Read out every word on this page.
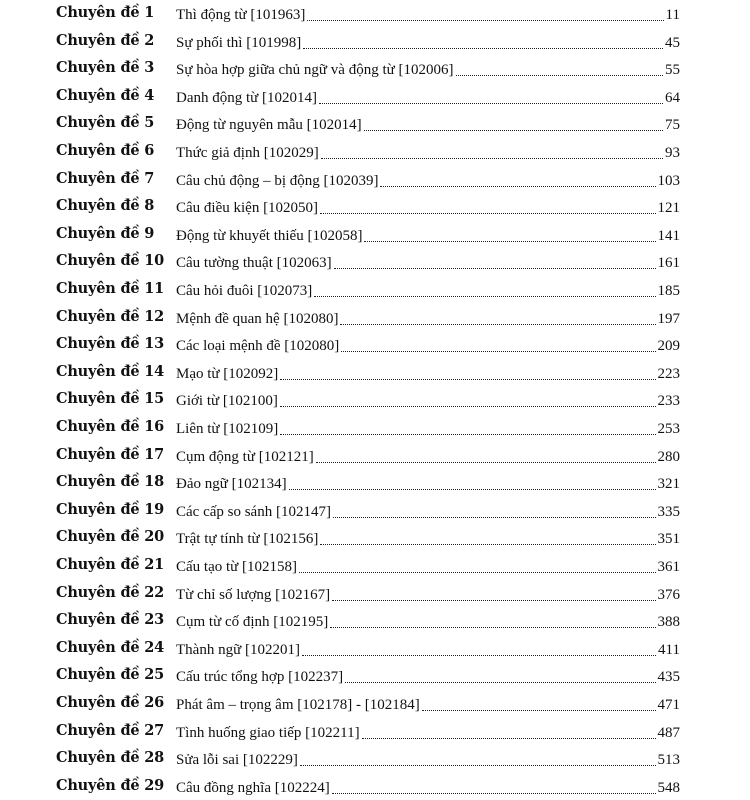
Chuyên đề 1 Thì động từ [101963]	11
Chuyên đề 2 Sự phối thì [101998]	45
Chuyên đề 3 Sự hòa hợp giữa chủ ngữ và động từ [102006]	55
Chuyên đề 4 Danh động từ [102014]	64
Chuyên đề 5 Động từ nguyên mẫu [102014]	75
Chuyên đề 6 Thức giả định [102029]	93
Chuyên đề 7 Câu chủ động – bị động [102039]	103
Chuyên đề 8 Câu điều kiện [102050]	121
Chuyên đề 9 Động từ khuyết thiếu [102058]	141
Chuyên đề 10 Câu tường thuật [102063]	161
Chuyên đề 11 Câu hỏi đuôi [102073]	185
Chuyên đề 12 Mệnh đề quan hệ [102080]	197
Chuyên đề 13 Các loại mệnh đề [102080]	209
Chuyên đề 14 Mạo từ [102092]	223
Chuyên đề 15 Giới từ [102100]	233
Chuyên đề 16 Liên từ [102109]	253
Chuyên đề 17 Cụm động từ [102121]	280
Chuyên đề 18 Đảo ngữ [102134]	321
Chuyên đề 19 Các cấp so sánh [102147]	335
Chuyên đề 20 Trật tự tính từ [102156]	351
Chuyên đề 21 Cấu tạo từ [102158]	361
Chuyên đề 22 Từ chỉ số lượng [102167]	376
Chuyên đề 23 Cụm từ cố định [102195]	388
Chuyên đề 24 Thành ngữ [102201]	411
Chuyên đề 25 Cấu trúc tổng hợp [102237]	435
Chuyên đề 26 Phát âm – trọng âm [102178] - [102184]	471
Chuyên đề 27 Tình huống giao tiếp [102211]	487
Chuyên đề 28 Sửa lỗi sai [102229]	513
Chuyên đề 29 Câu đồng nghĩa [102224]	548
